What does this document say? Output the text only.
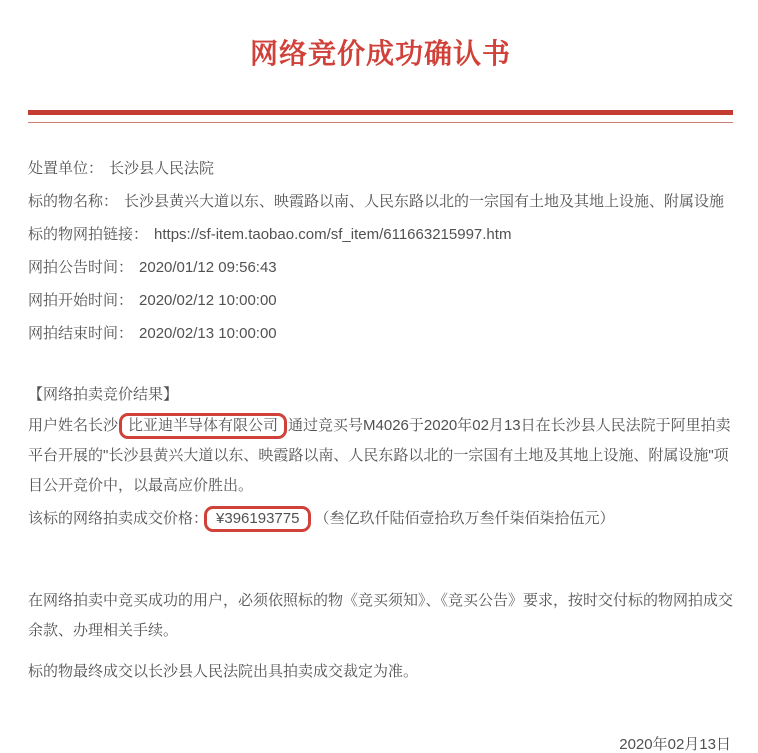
网络竞价成功确认书
处置单位： 长沙县人民法院
标的物名称： 长沙县黄兴大道以东、映霞路以南、人民东路以北的一宗国有土地及其地上设施、附属设施
标的物网拍链接： https://sf-item.taobao.com/sf_item/611663215997.htm
网拍公告时间： 2020/01/12 09:56:43
网拍开始时间： 2020/02/12 10:00:00
网拍结束时间： 2020/02/13 10:00:00
【网络拍卖竞价结果】

用户姓名长沙 比亚迪半导体有限公司 通过竞买号M4026于2020年02月13日在长沙县人民法院于阿里拍卖平台开展的"长沙县黄兴大道以东、映霞路以南、人民东路以北的一宗国有土地及其地上设施、附属设施"项目公开竞价中，以最高应价胜出。

该标的网络拍卖成交价格： ¥396193775 （叁亿玖仟陆佰壹拾玖万叁仟柒佰柒拾伍元）

在网络拍卖中竞买成功的用户，必须依照标的物《竞买须知》、《竞买公告》要求，按时交付标的物网拍成交余款、办理相关手续。

标的物最终成交以长沙县人民法院出具拍卖成交裁定为准。

2020年02月13日
